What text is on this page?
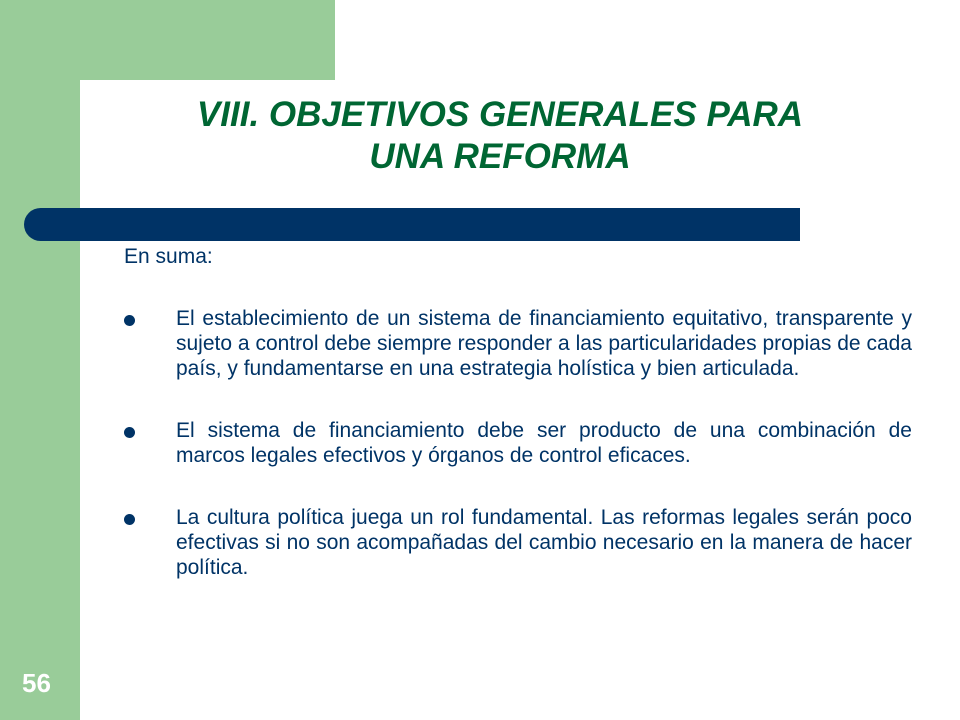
VIII. OBJETIVOS GENERALES PARA
UNA REFORMA

En suma:

El establecimiento de un sistema de financiamiento equitativo, transparente y sujeto a control debe siempre responder a las particularidades propias de cada país, y fundamentarse en una estrategia holística y bien articulada.
El sistema de financiamiento debe ser producto de una combinación de marcos legales efectivos y órganos de control eficaces.
La cultura política juega un rol fundamental. Las reformas legales serán poco efectivas si no son acompañadas del cambio necesario en la manera de hacer política.
56
